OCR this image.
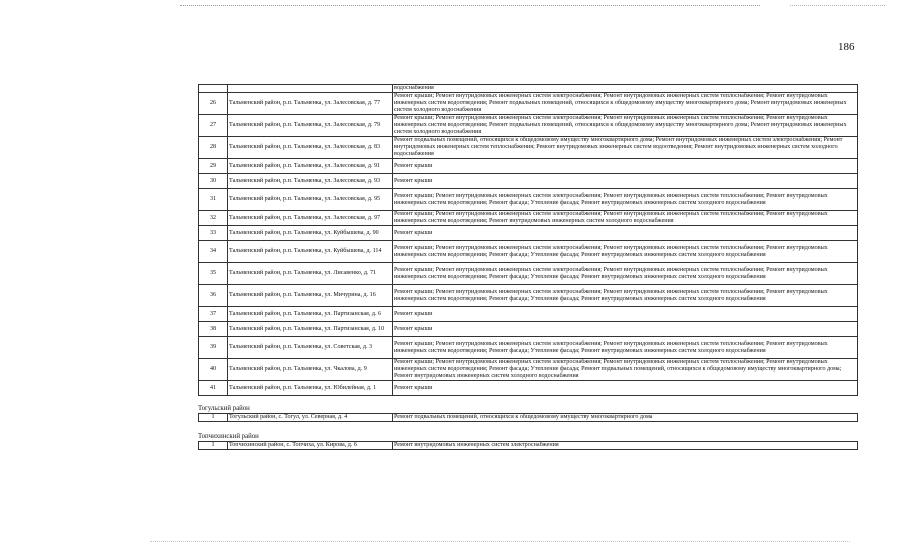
186
		водоснабжения
26	Тальменский район, р.п. Тальменка, ул. Залесовская, д. 77	Ремонт крыши; Ремонт внутридомовых инженерных систем электроснабжения; Ремонт внутридомовых инженерных систем теплоснабжения; Ремонт внутридомовых инженерных систем водоотведения; Ремонт подвальных помещений, относящихся к общедомовому имуществу многоквартирного дома; Ремонт внутридомовых инженерных систем холодного водоснабжения
27	Тальменский район, р.п. Тальменка, ул. Залесовская, д. 79	Ремонт крыши; Ремонт внутридомовых инженерных систем электроснабжения; Ремонт внутридомовых инженерных систем теплоснабжения; Ремонт внутридомовых инженерных систем водоотведения; Ремонт подвальных помещений, относящихся к общедомовому имуществу многоквартирного дома; Ремонт внутридомовых инженерных систем холодного водоснабжения
28	Тальменский район, р.п. Тальменка, ул. Залесовская, д. 83	Ремонт подвальных помещений, относящихся к общедомовому имуществу многоквартирного дома; Ремонт внутридомовых инженерных систем электроснабжения; Ремонт внутридомовых инженерных систем теплоснабжения; Ремонт внутридомовых инженерных систем водоотведения; Ремонт внутридомовых инженерных систем холодного водоснабжения
29	Тальменский район, р.п. Тальменка, ул. Залесовская, д. 91	Ремонт крыши
30	Тальменский район, р.п. Тальменка, ул. Залесовская, д. 93	Ремонт крыши
31	Тальменский район, р.п. Тальменка, ул. Залесовская, д. 95	Ремонт крыши; Ремонт внутридомовых инженерных систем электроснабжения; Ремонт внутридомовых инженерных систем теплоснабжения; Ремонт внутридомовых инженерных систем водоотведения; Ремонт фасада; Утепление фасада; Ремонт внутридомовых инженерных систем холодного водоснабжения
32	Тальменский район, р.п. Тальменка, ул. Залесовская, д. 97	Ремонт крыши; Ремонт внутридомовых инженерных систем электроснабжения; Ремонт внутридомовых инженерных систем теплоснабжения; Ремонт внутридомовых инженерных систем водоотведения; Ремонт внутридомовых инженерных систем холодного водоснабжения
33	Тальменский район, р.п. Тальменка, ул. Куйбышева, д. 90	Ремонт крыши
34	Тальменский район, р.п. Тальменка, ул. Куйбышева, д. 114	Ремонт крыши; Ремонт внутридомовых инженерных систем электроснабжения; Ремонт внутридомовых инженерных систем теплоснабжения; Ремонт внутридомовых инженерных систем водоотведения; Ремонт фасада; Утепление фасада; Ремонт внутридомовых инженерных систем холодного водоснабжения
35	Тальменский район, р.п. Тальменка, ул. Лисавенко, д. 71	Ремонт крыши; Ремонт внутридомовых инженерных систем электроснабжения; Ремонт внутридомовых инженерных систем теплоснабжения; Ремонт внутридомовых инженерных систем водоотведения; Ремонт фасада; Утепление фасада; Ремонт внутридомовых инженерных систем холодного водоснабжения
36	Тальменский район, р.п. Тальменка, ул. Мичурина, д. 16	Ремонт крыши; Ремонт внутридомовых инженерных систем электроснабжения; Ремонт внутридомовых инженерных систем теплоснабжения; Ремонт внутридомовых инженерных систем водоотведения; Ремонт фасада; Утепление фасада; Ремонт внутридомовых инженерных систем холодного водоснабжения
37	Тальменский район, р.п. Тальменка, ул. Партизанская, д. 6	Ремонт крыши
38	Тальменский район, р.п. Тальменка, ул. Партизанская, д. 10	Ремонт крыши
39	Тальменский район, р.п. Тальменка, ул. Советская, д. 3	Ремонт крыши; Ремонт внутридомовых инженерных систем электроснабжения; Ремонт внутридомовых инженерных систем теплоснабжения; Ремонт внутридомовых инженерных систем водоотведения; Ремонт фасада; Утепление фасада; Ремонт внутридомовых инженерных систем холодного водоснабжения
40	Тальменский район, р.п. Тальменка, ул. Чкалова, д. 9	Ремонт крыши; Ремонт внутридомовых инженерных систем электроснабжения; Ремонт внутридомовых инженерных систем теплоснабжения; Ремонт внутридомовых инженерных систем водоотведения; Ремонт фасада; Утепление фасада; Ремонт подвальных помещений, относящихся к общедомовому имуществу многоквартирного дома; Ремонт внутридомовых инженерных систем холодного водоснабжения
41	Тальменский район, р.п. Тальменка, ул. Юбилейная, д. 1	Ремонт крыши
Тогульский район
1	Тогульский район, с. Тогул, ул. Северная, д. 4	Ремонт подвальных помещений, относящихся к общедомовому имуществу многоквартирного дома
Топчихинский район
1	Топчихинский район, с. Топчиха, ул. Кирова, д. 6	Ремонт внутридомовых инженерных систем электроснабжения
